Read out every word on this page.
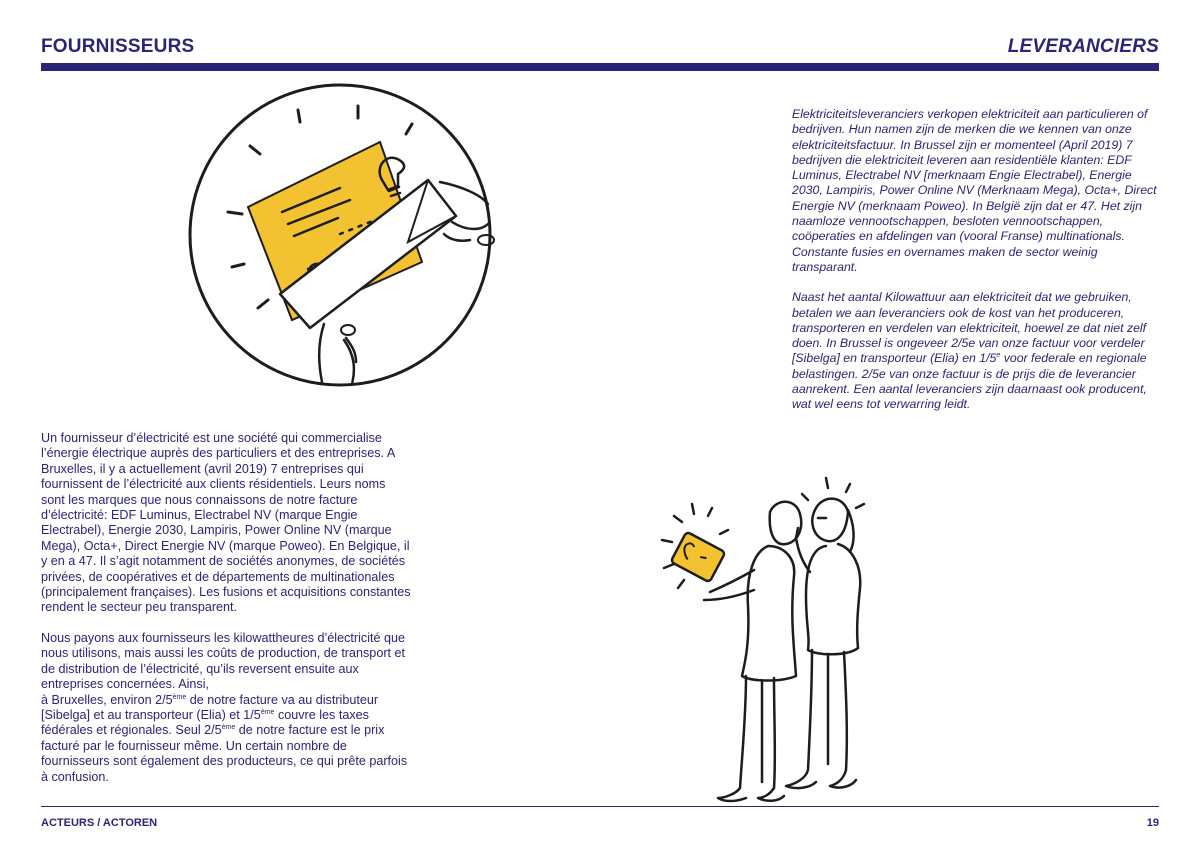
FOURNISSEURS	LEVERANCIERS

Elektriciteitsleveranciers verkopen elektriciteit aan particulieren of bedrijven. Hun namen zijn de merken die we kennen van onze elektriciteitsfactuur. In Brussel zijn er momenteel (April 2019) 7 bedrijven die elektriciteit leveren aan residentiële klanten: EDF Luminus, Electrabel NV [merknaam Engie Electrabel), Energie 2030, Lampiris, Power Online NV (Merknaam Mega), Octa+, Direct Energie NV (merknaam Poweo). In België zijn dat er 47. Het zijn naamloze vennootschappen, besloten vennootschappen, coöperaties en afdelingen van (vooral Franse) multinationals. Constante fusies en overnames maken de sector weinig transparant.

Naast het aantal Kilowattuur aan elektriciteit dat we gebruiken, betalen we aan leveranciers ook de kost van het produceren, transporteren en verdelen van elektriciteit, hoewel ze dat niet zelf doen. In Brussel is ongeveer 2/5e van onze factuur voor verdeler [Sibelga] en transporteur (Elia) en 1/5e voor federale en regionale belastingen. 2/5e van onze factuur is de prijs die de leverancier aanrekent. Een aantal leveranciers zijn daarnaast ook producent, wat wel eens tot verwarring leidt.

Un fournisseur d’électricité est une société qui commercialise l’énergie électrique auprès des particuliers et des entreprises. A Bruxelles, il y a actuellement (avril 2019) 7 entreprises qui fournissent de l’électricité aux clients résidentiels. Leurs noms sont les marques que nous connaissons de notre facture d’électricité: EDF Luminus, Electrabel NV (marque Engie Electrabel), Energie 2030, Lampiris, Power Online NV (marque Mega), Octa+, Direct Energie NV (marque Poweo). En Belgique, il y en a 47. Il s’agit notamment de sociétés anonymes, de sociétés privées, de coopératives et de départements de multinationales (principalement françaises). Les fusions et acquisitions constantes rendent le secteur peu transparent.

Nous payons aux fournisseurs les kilowattheures d’électricité que nous utilisons, mais aussi les coûts de production, de transport et de distribution de l’électricité, qu’ils reversent ensuite aux entreprises concernées. Ainsi,
à Bruxelles, environ 2/5ème de notre facture va au distributeur [Sibelga] et au transporteur (Elia) et 1/5ème couvre les taxes fédérales et régionales. Seul 2/5ème de notre facture est le prix facturé par le fournisseur même. Un certain nombre de fournisseurs sont également des producteurs, ce qui prête parfois à confusion.

ACTEURS / ACTOREN	19
